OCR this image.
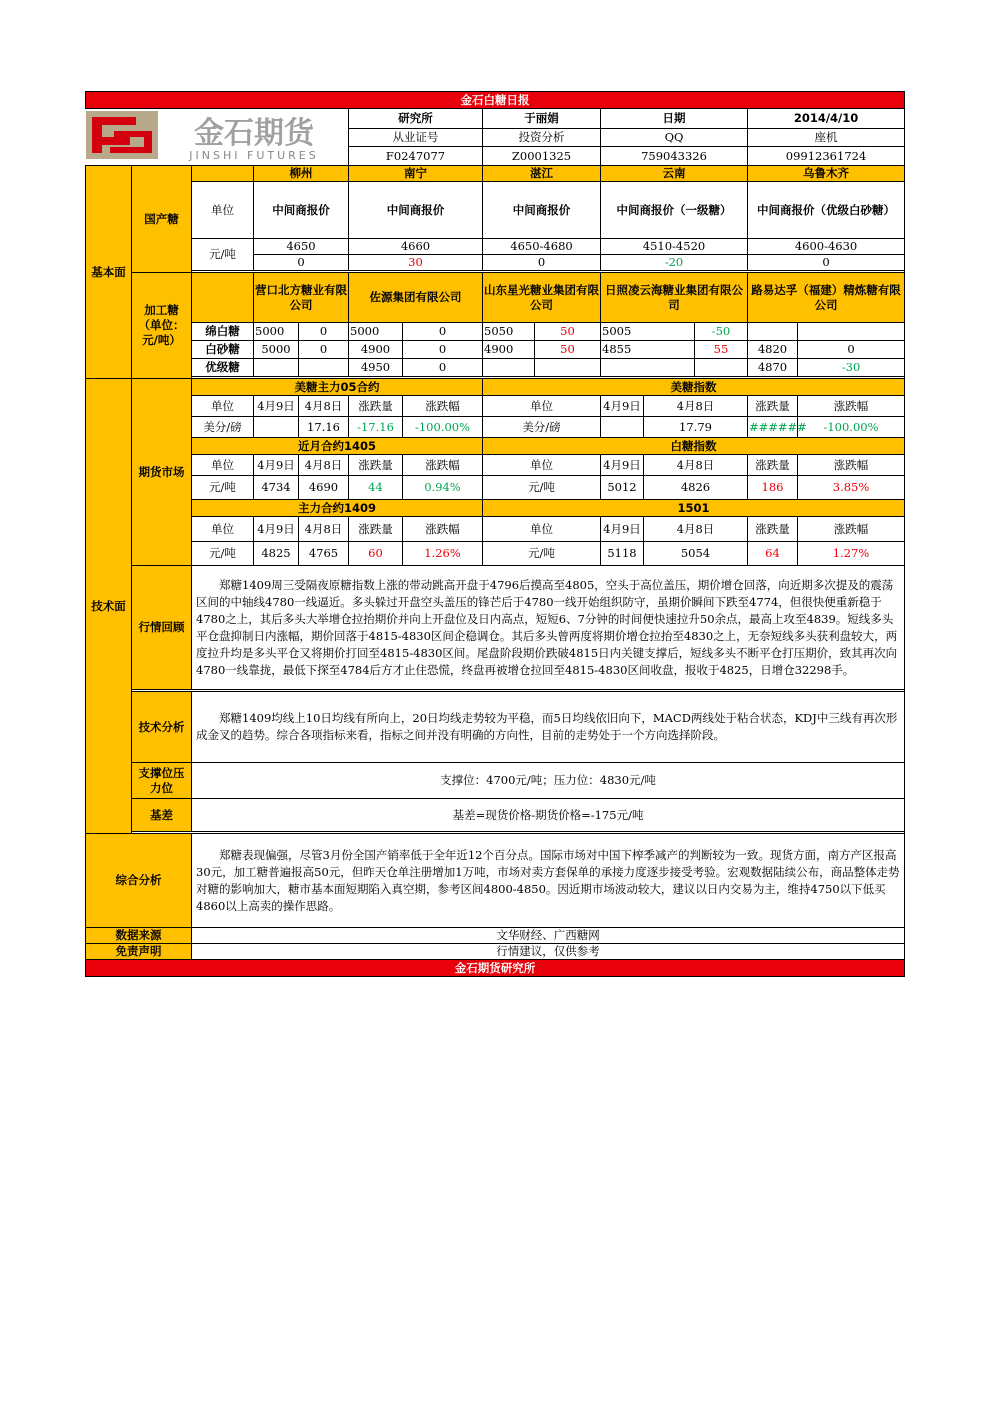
金石白糖日报													

金石期货
JINSHI FUTURES					研究所		于丽娟		日期			2014/4/10	
					从业证号		投资分析		QQ			座机	
					F0247077		Z0001325		759043326			09912361724	
基本面	国产糖		柳州		南宁		湛江		云南			乌鲁木齐	
		单位	中间商报价		中间商报价		中间商报价		中间商报价（一级糖）			中间商报价（优级白砂糖）	
		元/吨	4650		4660		4650-4680		4510-4520			4600-4630	
			0		30		0		-20			0	

	加工糖（单位：元/吨）		营口北方糖业有限公司		佐源集团有限公司		山东星光糖业集团有限公司		日照凌云海糖业集团有限公司			路易达孚（福建）精炼糖有限公司	
		绵白糖	5000	0	5000	0	5050	50	5005		-50		
		白砂糖	5000	0	4900	0	4900	50	4855		55	4820	0
		优级糖			4950	0						4870	-30

技术面	期货市场	美糖主力05合约					美糖指数						
		单位	4月9日	4月8日	涨跌量	涨跌幅	单位		4月9日	4月8日		涨跌量	涨跌幅
		美分/磅		17.16	-17.16	-100.00%	美分/磅			17.79		######	-100.00%
		近月合约1405					白糖指数						
		单位	4月9日	4月8日	涨跌量	涨跌幅	单位		4月9日	4月8日		涨跌量	涨跌幅
		元/吨	4734	4690	44	0.94%	元/吨		5012	4826		186	3.85%
		主力合约1409					1501						
		单位	4月9日	4月8日	涨跌量	涨跌幅	单位		4月9日	4月8日		涨跌量	涨跌幅
		元/吨	4825	4765	60	1.26%	元/吨		5118	5054		64	1.27%
	行情回顾	郑糖1409周三受隔夜原糖指数上涨的带动跳高开盘于4796后摸高至4805，空头于高位盖压，期价增仓回落，向近期多次提及的震荡区间的中轴线4780一线逼近。多头躲过开盘空头盖压的锋芒后于4780一线开始组织防守，虽期价瞬间下跌至4774，但很快便重新稳于4780之上，其后多头大举增仓拉抬期价并向上开盘位及日内高点，短短6、7分钟的时间便快速拉升50余点，最高上攻至4839。短线多头平仓盘抑制日内涨幅，期价回落于4815-4830区间企稳调仓。其后多头曾两度将期价增仓拉抬至4830之上，无奈短线多头获利盘较大，两度拉升均是多头平仓又将期价打回至4815-4830区间。尾盘阶段期价跌破4815日内关键支撑后，短线多头不断平仓打压期价，致其再次向4780一线靠拢，最低下探至4784后方才止住恐慌，终盘再被增仓拉回至4815-4830区间收盘，报收于4825，日增仓32298手。											

	技术分析	郑糖1409均线上10日均线有所向上，20日均线走势较为平稳，而5日均线依旧向下，MACD两线处于粘合状态，KDJ中三线有再次形成金叉的趋势。综合各项指标来看，指标之间并没有明确的方向性，目前的走势处于一个方向选择阶段。											
	支撑位压力位	支撑位：4700元/吨；压力位：4830元/吨											
	基差	基差=现货价格-期货价格=-175元/吨											

综合分析		郑糖表现偏强，尽管3月份全国产销率低于全年近12个百分点。国际市场对中国下榨季减产的判断较为一致。现货方面，南方产区报高30元，加工糖普遍报高50元，但昨天仓单注册增加1万吨，市场对卖方套保单的承接力度逐步接受考验。宏观数据陆续公布，商品整体走势对糖的影响加大，糖市基本面短期陷入真空期，参考区间4800-4850。因近期市场波动较大，建议以日内交易为主，维持4750以下低买4860以上高卖的操作思路。											
数据来源		文华财经、广西糖网											
免责声明		行情建议，仅供参考											
金石期货研究所													
